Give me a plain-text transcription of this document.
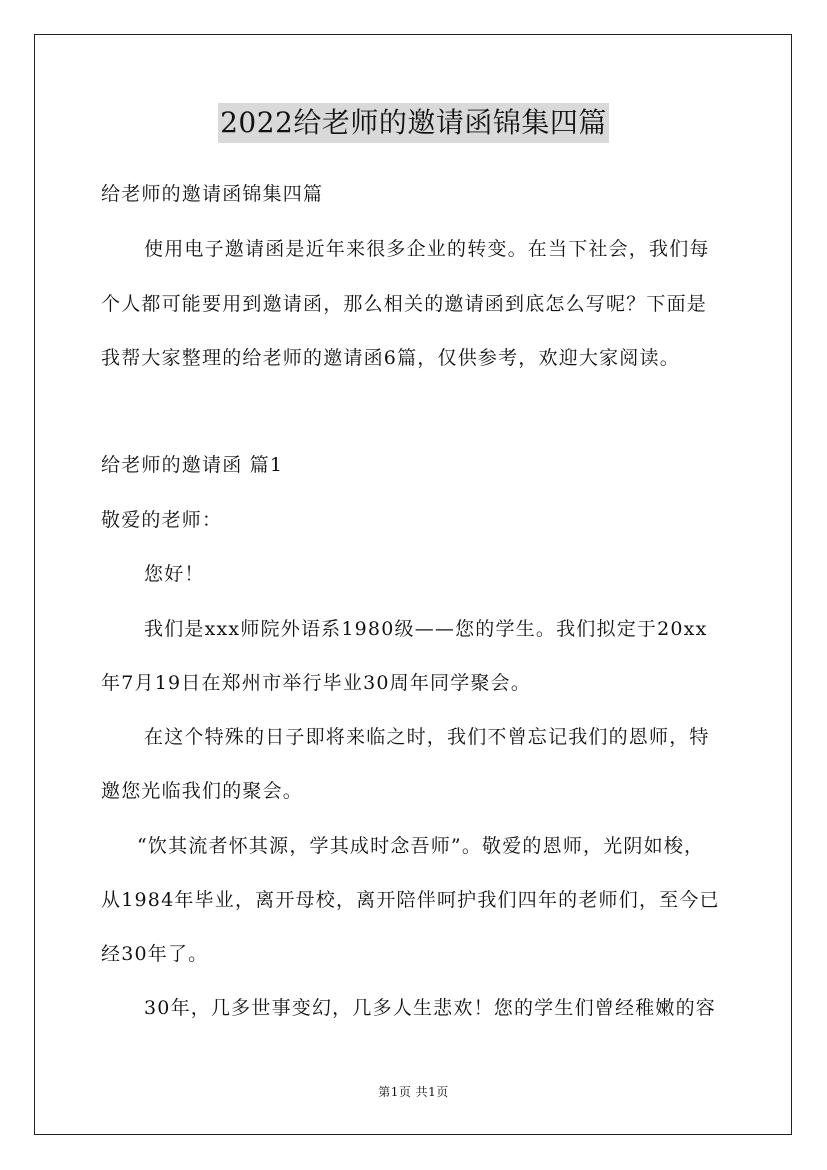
2022给老师的邀请函锦集四篇
给老师的邀请函锦集四篇
使用电子邀请函是近年来很多企业的转变。在当下社会，我们每
个人都可能要用到邀请函，那么相关的邀请函到底怎么写呢？下面是
我帮大家整理的给老师的邀请函6篇，仅供参考，欢迎大家阅读。
给老师的邀请函 篇1
敬爱的老师：
您好！
我们是xxx师院外语系1980级——您的学生。我们拟定于20xx
年7月19日在郑州市举行毕业30周年同学聚会。
在这个特殊的日子即将来临之时，我们不曾忘记我们的恩师，特
邀您光临我们的聚会。
“饮其流者怀其源，学其成时念吾师”。敬爱的恩师，光阴如梭，
从1984年毕业，离开母校，离开陪伴呵护我们四年的老师们，至今已
经30年了。
30年，几多世事变幻，几多人生悲欢！您的学生们曾经稚嫩的容
第1页 共1页
